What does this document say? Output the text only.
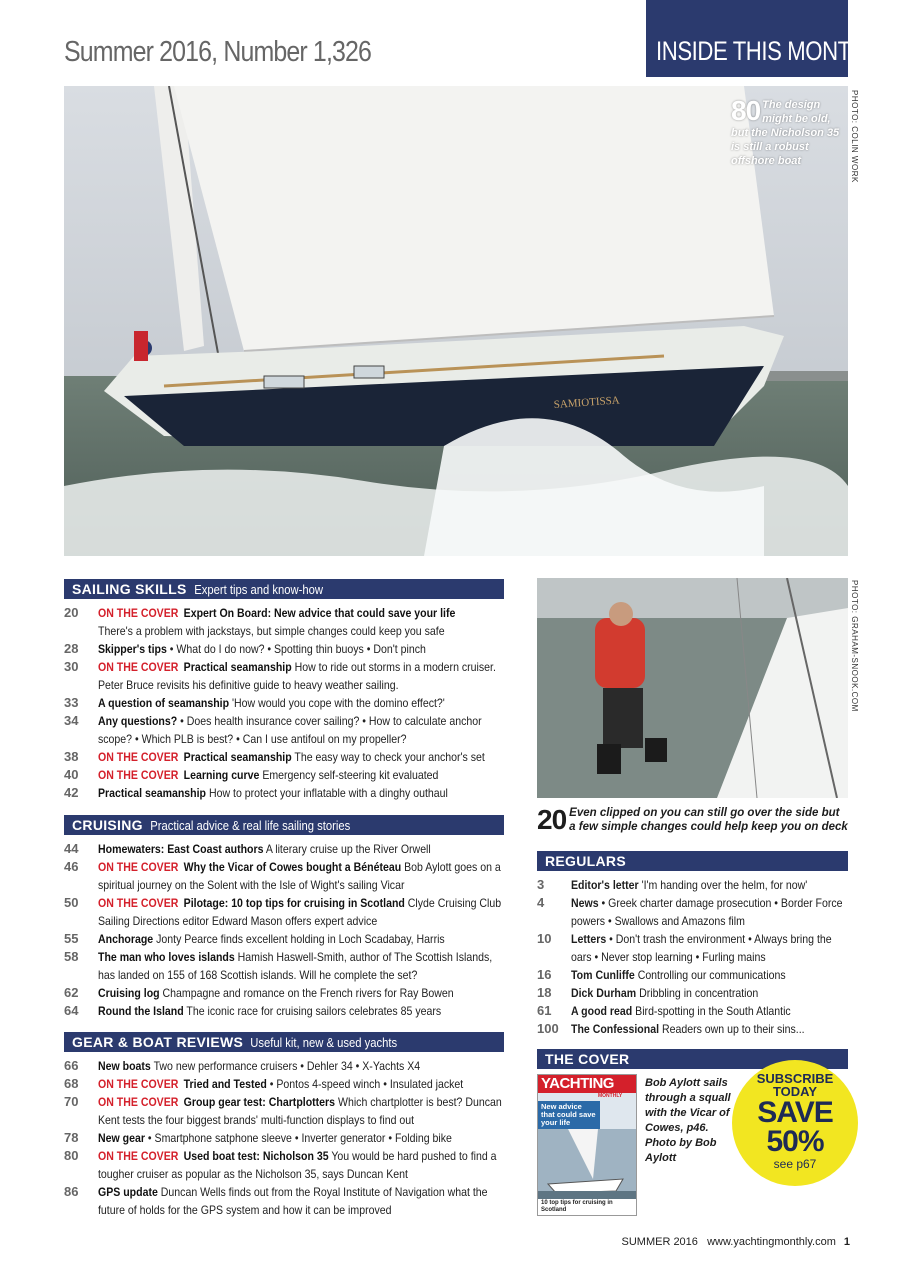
Summer 2016, Number 1,326	INSIDE THIS MONTH
SAMIOTISSA
PHOTO: COLIN WORK
80 The design might be old, but the Nicholson 35 is still a robust offshore boat
SAILING SKILLS Expert tips and know-how
20	ON THE COVER Expert On Board: New advice that could save your life
There's a problem with jackstays, but simple changes could keep you safe
28	Skipper's tips • What do I do now? • Spotting thin buoys • Don't pinch
30	ON THE COVER Practical seamanship How to ride out storms in a modern cruiser. Peter Bruce revisits his definitive guide to heavy weather sailing.
33	A question of seamanship 'How would you cope with the domino effect?'
34	Any questions? • Does health insurance cover sailing? • How to calculate anchor scope? • Which PLB is best? • Can I use antifoul on my propeller?
38	ON THE COVER Practical seamanship The easy way to check your anchor's set
40	ON THE COVER Learning curve Emergency self-steering kit evaluated
42	Practical seamanship How to protect your inflatable with a dinghy outhaul
CRUISING Practical advice & real life sailing stories
44	Homewaters: East Coast authors A literary cruise up the River Orwell
46	ON THE COVER Why the Vicar of Cowes bought a Bénéteau Bob Aylott goes on a spiritual journey on the Solent with the Isle of Wight's sailing Vicar
50	ON THE COVER Pilotage: 10 top tips for cruising in Scotland Clyde Cruising Club Sailing Directions editor Edward Mason offers expert advice
55	Anchorage Jonty Pearce finds excellent holding in Loch Scadabay, Harris
58	The man who loves islands Hamish Haswell-Smith, author of The Scottish Islands, has landed on 155 of 168 Scottish islands. Will he complete the set?
62	Cruising log Champagne and romance on the French rivers for Ray Bowen
64	Round the Island The iconic race for cruising sailors celebrates 85 years
GEAR & BOAT REVIEWS Useful kit, new & used yachts
66	New boats Two new performance cruisers • Dehler 34 • X-Yachts X4
68	ON THE COVER Tried and Tested • Pontos 4-speed winch • Insulated jacket
70	ON THE COVER Group gear test: Chartplotters Which chartplotter is best? Duncan Kent tests the four biggest brands' multi-function displays to find out
78	New gear • Smartphone satphone sleeve • Inverter generator • Folding bike
80	ON THE COVER Used boat test: Nicholson 35 You would be hard pushed to find a tougher cruiser as popular as the Nicholson 35, says Duncan Kent
86	GPS update Duncan Wells finds out from the Royal Institute of Navigation what the future of holds for the GPS system and how it can be improved
PHOTO: GRAHAM-SNOOK.COM
20 Even clipped on you can still go over the side but a few simple changes could help keep you on deck
REGULARS
3	Editor's letter 'I'm handing over the helm, for now'
4	News • Greek charter damage prosecution • Border Force powers • Swallows and Amazons film
10	Letters • Don't trash the environment • Always bring the oars • Never stop learning • Furling mains
16	Tom Cunliffe Controlling our communications
18	Dick Durham Dribbling in concentration
61	A good read Bird-spotting in the South Atlantic
100	The Confessional Readers own up to their sins...
THE COVER
YACHTING
MONTHLY
New advice that could save your life
10 top tips for cruising in Scotland
Bob Aylott sails through a squall with the Vicar of Cowes, p46. Photo by Bob Aylott
SUBSCRIBE
TODAY
SAVE
50%
see p67
SUMMER 2016   www.yachtingmonthly.com 1
